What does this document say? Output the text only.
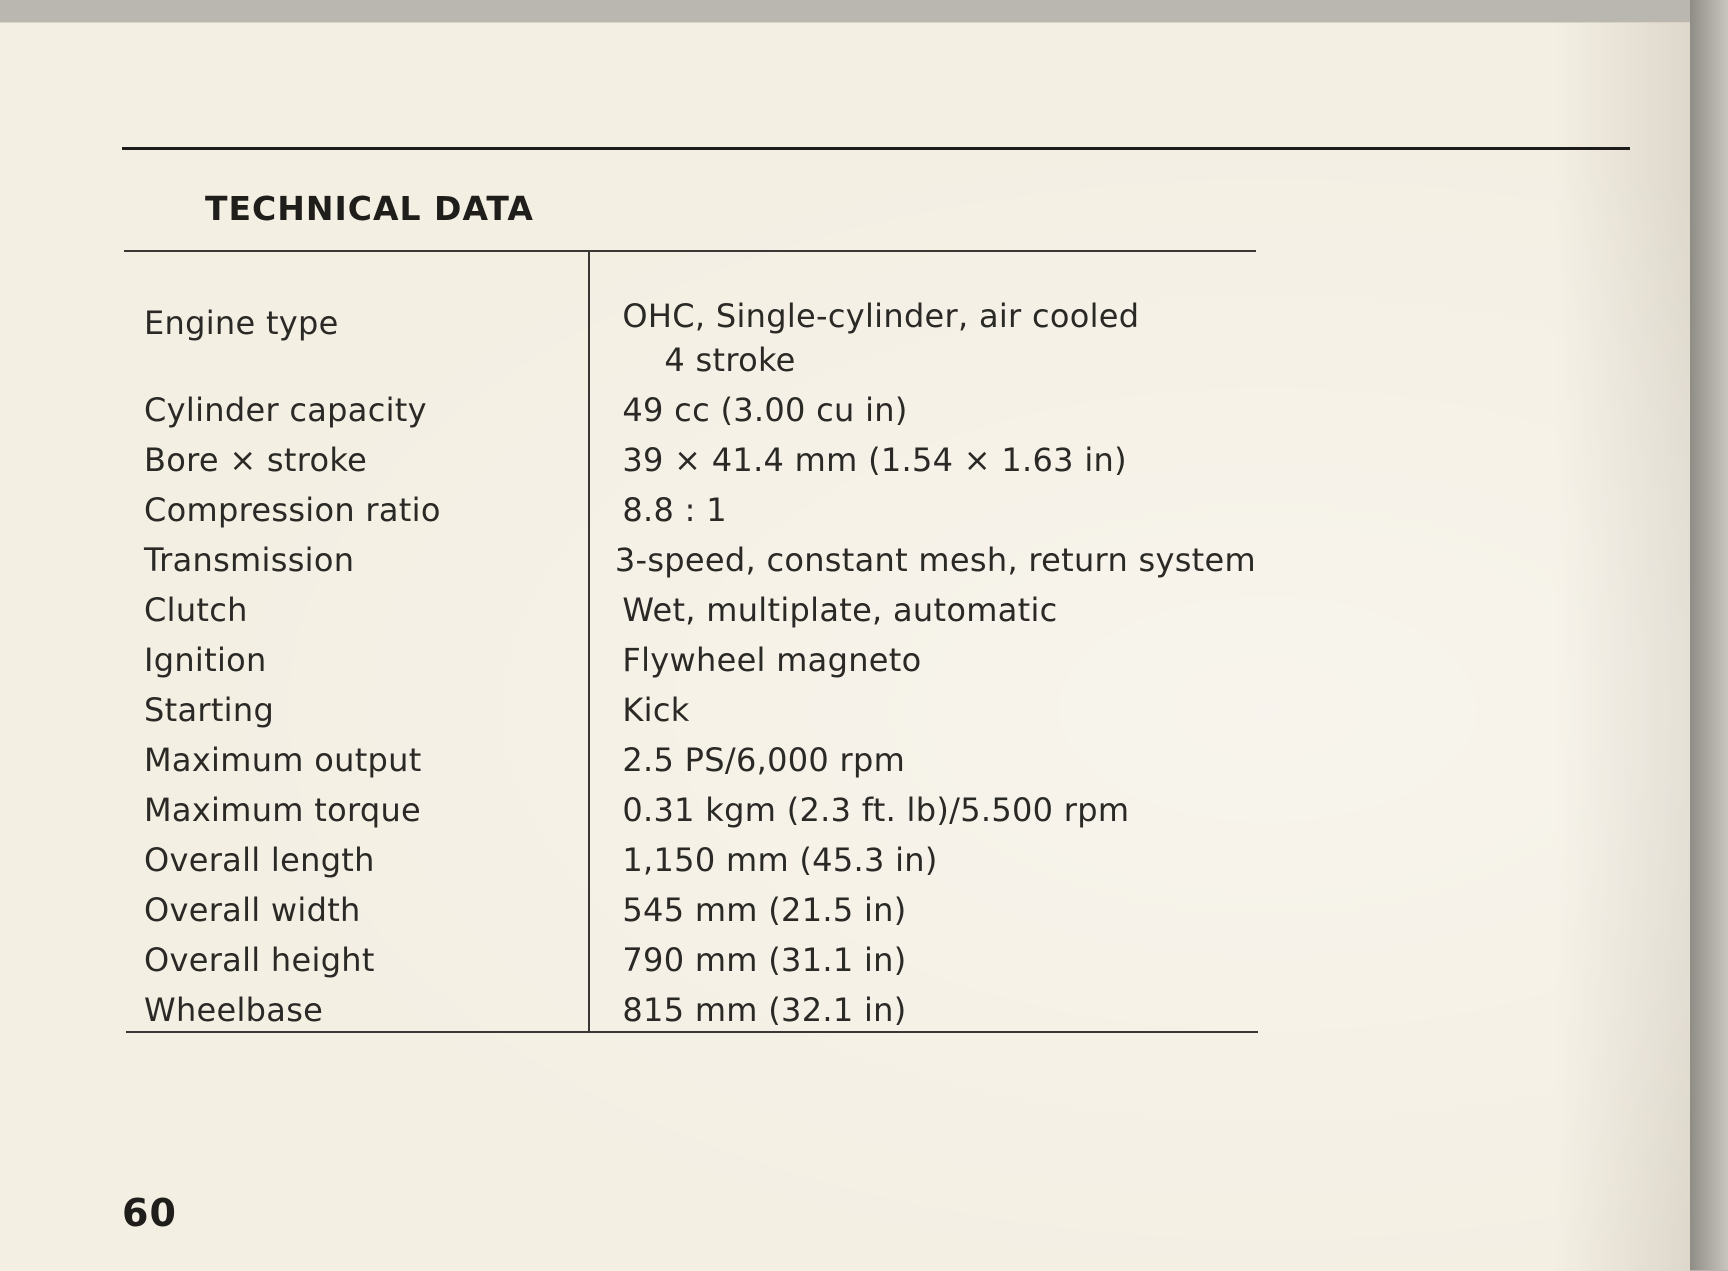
TECHNICAL DATA
Engine type	OHC, Single-cylinder, air cooled
4 stroke
Cylinder capacity	49 cc (3.00 cu in)
Bore × stroke	39 × 41.4 mm (1.54 × 1.63 in)
Compression ratio	8.8 : 1
Transmission	3-speed, constant mesh, return system
Clutch	Wet, multiplate, automatic
Ignition	Flywheel magneto
Starting	Kick
Maximum output	2.5 PS/6,000 rpm
Maximum torque	0.31 kgm (2.3 ft. lb)/5.500 rpm
Overall length	1,150 mm (45.3 in)
Overall width	545 mm (21.5 in)
Overall height	790 mm (31.1 in)
Wheelbase	815 mm (32.1 in)
60
